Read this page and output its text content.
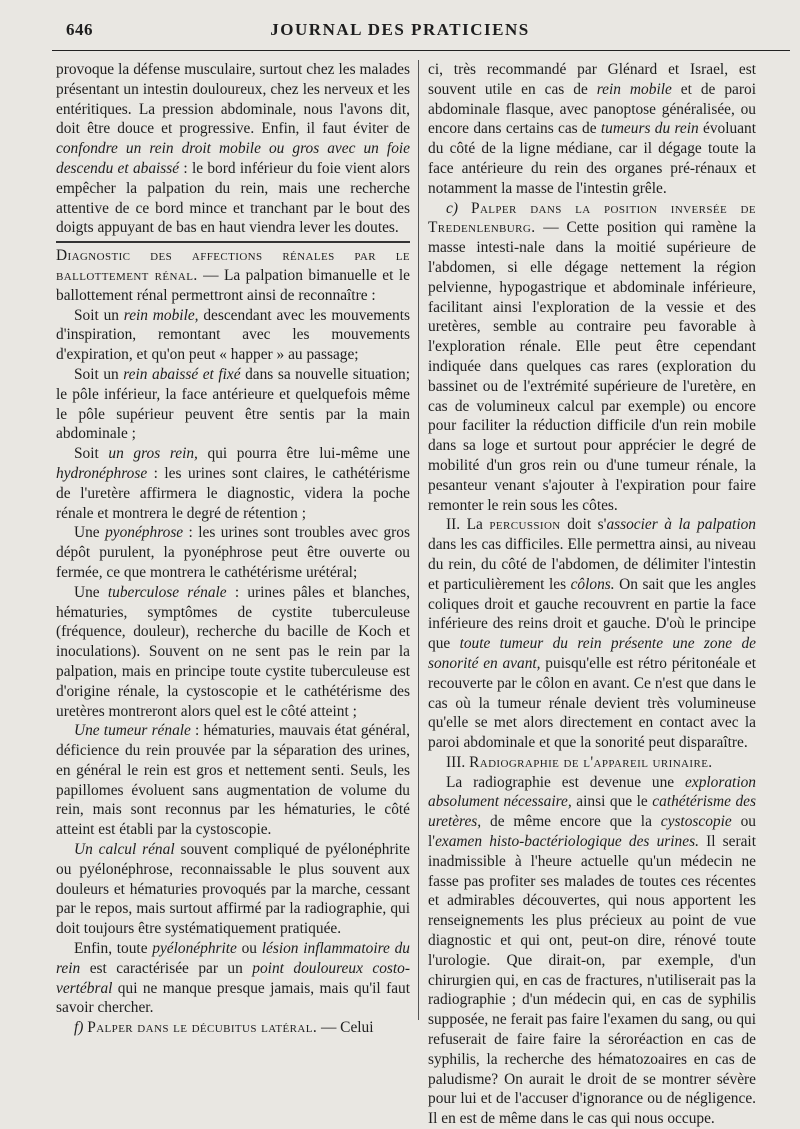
646	JOURNAL DES PRATICIENS

provoque la défense musculaire, surtout chez les malades présentant un intestin douloureux, chez les nerveux et les entéritiques. La pression abdominale, nous l'avons dit, doit être douce et progressive. Enfin, il faut éviter de confondre un rein droit mobile ou gros avec un foie descendu et abaissé : le bord inférieur du foie vient alors empêcher la palpation du rein, mais une recherche attentive de ce bord mince et tranchant par le bout des doigts appuyant de bas en haut viendra lever les doutes.

Diagnostic des affections rénales par le ballottement rénal. — La palpation bimanuelle et le ballottement rénal permettront ainsi de reconnaître :

Soit un rein mobile, descendant avec les mouvements d'inspiration, remontant avec les mouvements d'expiration, et qu'on peut « happer » au passage;

Soit un rein abaissé et fixé dans sa nouvelle situation; le pôle inférieur, la face antérieure et quelquefois même le pôle supérieur peuvent être sentis par la main abdominale ;

Soit un gros rein, qui pourra être lui-même une hydronéphrose : les urines sont claires, le cathétérisme de l'uretère affirmera le diagnostic, videra la poche rénale et montrera le degré de rétention ;

Une pyonéphrose : les urines sont troubles avec gros dépôt purulent, la pyonéphrose peut être ouverte ou fermée, ce que montrera le cathétérisme urétéral;

Une tuberculose rénale : urines pâles et blanches, hématuries, symptômes de cystite tuberculeuse (fréquence, douleur), recherche du bacille de Koch et inoculations). Souvent on ne sent pas le rein par la palpation, mais en principe toute cystite tuberculeuse est d'origine rénale, la cystoscopie et le cathétérisme des uretères montreront alors quel est le côté atteint ;

Une tumeur rénale : hématuries, mauvais état général, déficience du rein prouvée par la séparation des urines, en général le rein est gros et nettement senti. Seuls, les papillomes évoluent sans augmentation de volume du rein, mais sont reconnus par les hématuries, le côté atteint est établi par la cystoscopie.

Un calcul rénal souvent compliqué de pyélonéphrite ou pyélonéphrose, reconnaissable le plus souvent aux douleurs et hématuries provoqués par la marche, cessant par le repos, mais surtout affirmé par la radiographie, qui doit toujours être systématiquement pratiquée.

Enfin, toute pyélonéphrite ou lésion inflammatoire du rein est caractérisée par un point douloureux costo-vertébral qui ne manque presque jamais, mais qu'il faut savoir chercher.

f) Palper dans le décubitus latéral. — Celui

ci, très recommandé par Glénard et Israel, est souvent utile en cas de rein mobile et de paroi abdominale flasque, avec panoptose généralisée, ou encore dans certains cas de tumeurs du rein évoluant du côté de la ligne médiane, car il dégage toute la face antérieure du rein des organes pré-rénaux et notamment la masse de l'intestin grêle.

c) Palper dans la position inversée de Tredenlenburg. — Cette position qui ramène la masse intesti-nale dans la moitié supérieure de l'abdomen, si elle dégage nettement la région pelvienne, hypogastrique et abdominale inférieure, facilitant ainsi l'exploration de la vessie et des uretères, semble au contraire peu favorable à l'exploration rénale. Elle peut être cependant indiquée dans quelques cas rares (exploration du bassinet ou de l'extrémité supérieure de l'uretère, en cas de volumineux calcul par exemple) ou encore pour faciliter la réduction difficile d'un rein mobile dans sa loge et surtout pour apprécier le degré de mobilité d'un gros rein ou d'une tumeur rénale, la pesanteur venant s'ajouter à l'expiration pour faire remonter le rein sous les côtes.

II. La percussion doit s'associer à la palpation dans les cas difficiles. Elle permettra ainsi, au niveau du rein, du côté de l'abdomen, de délimiter l'intestin et particulièrement les côlons. On sait que les angles coliques droit et gauche recouvrent en partie la face inférieure des reins droit et gauche. D'où le principe que toute tumeur du rein présente une zone de sonorité en avant, puisqu'elle est rétro péritonéale et recouverte par le côlon en avant. Ce n'est que dans le cas où la tumeur rénale devient très volumineuse qu'elle se met alors directement en contact avec la paroi abdominale et que la sonorité peut disparaître.

III. Radiographie de l'appareil urinaire.

La radiographie est devenue une exploration absolument nécessaire, ainsi que le cathétérisme des uretères, de même encore que la cystoscopie ou l'examen histo-bactériologique des urines. Il serait inadmissible à l'heure actuelle qu'un médecin ne fasse pas profiter ses malades de toutes ces récentes et admirables découvertes, qui nous apportent les renseignements les plus précieux au point de vue diagnostic et qui ont, peut-on dire, rénové toute l'urologie. Que dirait-on, par exemple, d'un chirurgien qui, en cas de fractures, n'utiliserait pas la radiographie ; d'un médecin qui, en cas de syphilis supposée, ne ferait pas faire l'examen du sang, ou qui refuserait de faire faire la séroréaction en cas de syphilis, la recherche des hématozoaires en cas de paludisme? On aurait le droit de se montrer sévère pour lui et de l'accuser d'ignorance ou de négligence. Il en est de même dans le cas qui nous occupe.
